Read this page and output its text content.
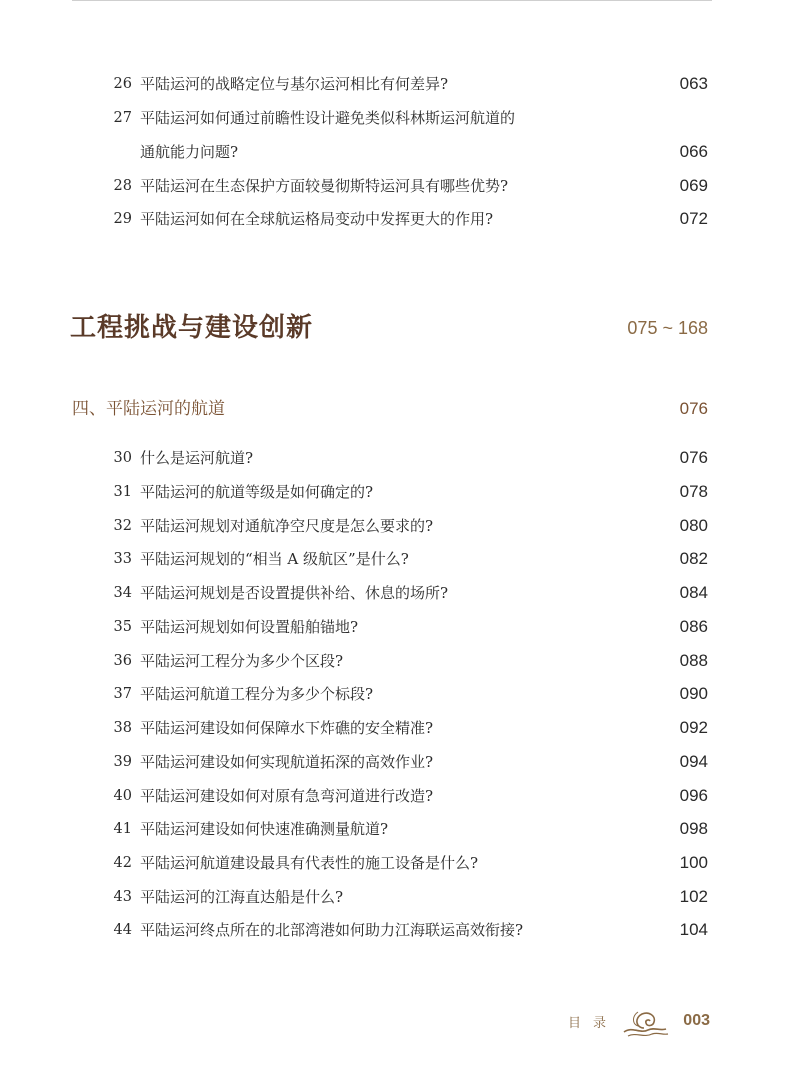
26 平陆运河的战略定位与基尔运河相比有何差异?	063
27 平陆运河如何通过前瞻性设计避免类似科林斯运河航道的
通航能力问题?	066
28 平陆运河在生态保护方面较曼彻斯特运河具有哪些优势?	069
29 平陆运河如何在全球航运格局变动中发挥更大的作用?	072
工程挑战与建设创新	075 ~ 168
四、平陆运河的航道	076
30 什么是运河航道?	076
31 平陆运河的航道等级是如何确定的?	078
32 平陆运河规划对通航净空尺度是怎么要求的?	080
33 平陆运河规划的“相当 A 级航区”是什么?	082
34 平陆运河规划是否设置提供补给、休息的场所?	084
35 平陆运河规划如何设置船舶锚地?	086
36 平陆运河工程分为多少个区段?	088
37 平陆运河航道工程分为多少个标段?	090
38 平陆运河建设如何保障水下炸礁的安全精准?	092
39 平陆运河建设如何实现航道拓深的高效作业?	094
40 平陆运河建设如何对原有急弯河道进行改造?	096
41 平陆运河建设如何快速准确测量航道?	098
42 平陆运河航道建设最具有代表性的施工设备是什么?	100
43 平陆运河的江海直达船是什么?	102
44 平陆运河终点所在的北部湾港如何助力江海联运高效衔接?	104
目录	003
